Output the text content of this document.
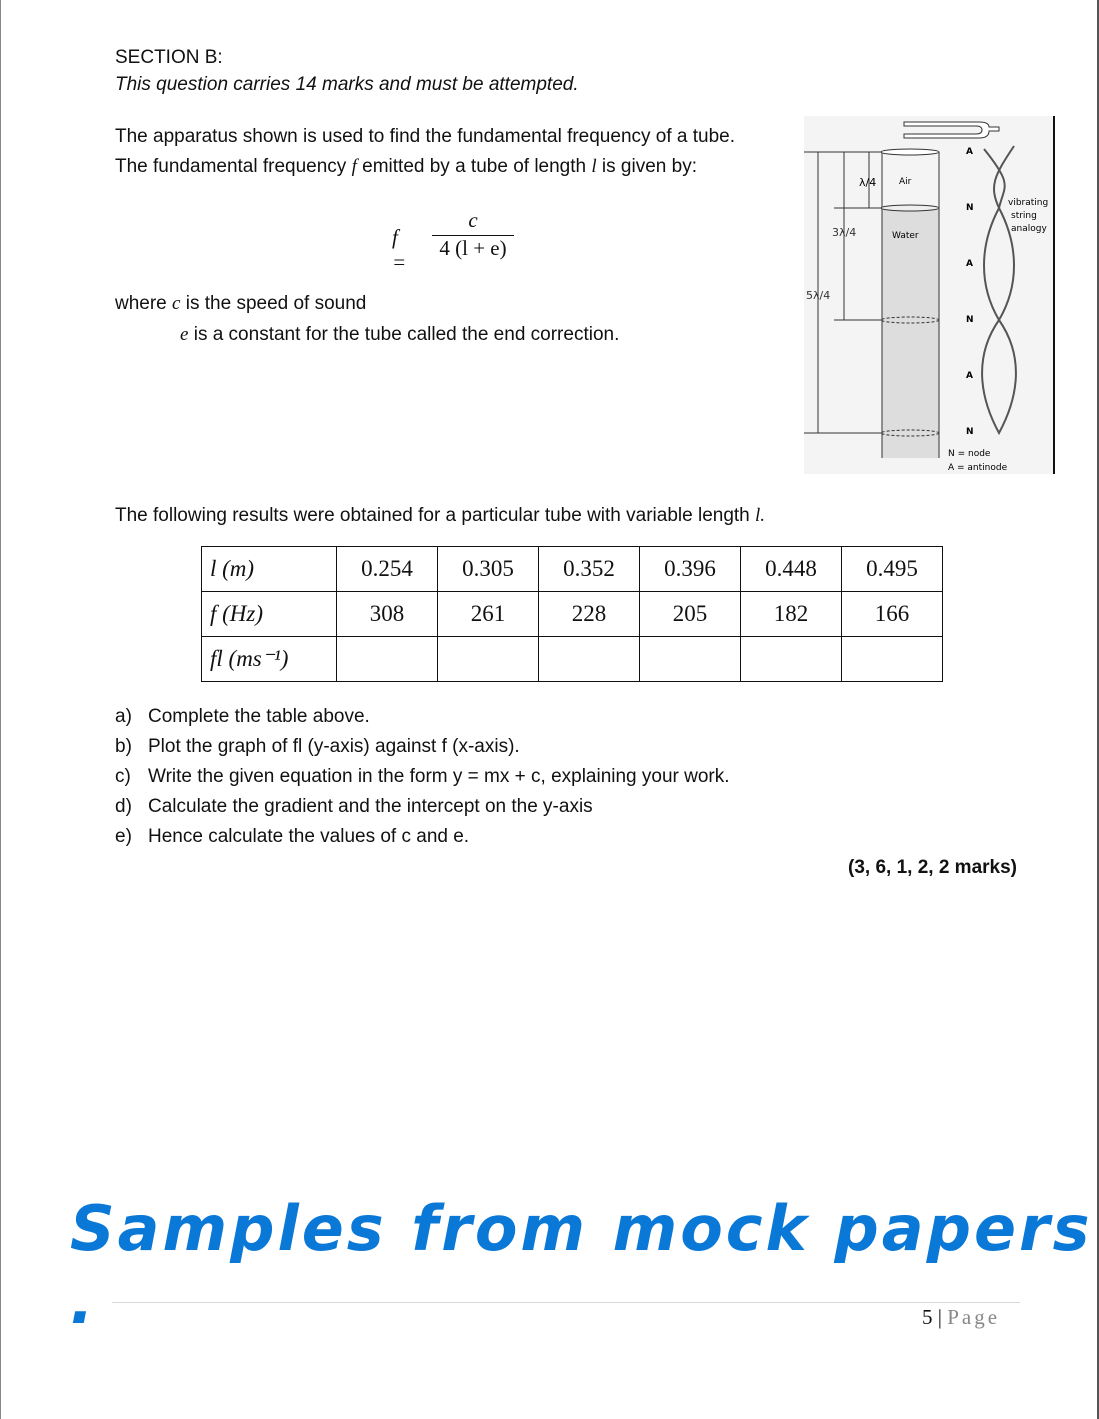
SECTION B:
This question carries 14 marks and must be attempted.
The apparatus shown is used to find the fundamental frequency of a tube.
The fundamental frequency f emitted by a tube of length l is given by:
f =
$\frac{c}{4 (l + e)}$
where c is the speed of sound
e is a constant for the tube called the end correction.
Air
Water
λ/4
3λ/4
5λ/4
A
N
A
N
A
N
vibrating
string
analogy
N = node
A = antinode
The following results were obtained for a particular tube with variable length l.
l (m)	0.254	0.305	0.352	0.396	0.448	0.495
f (Hz)	308	261	228	205	182	166
fl (ms⁻¹)						
a) Complete the table above.
b) Plot the graph of fl (y-axis) against f (x-axis).
c) Write the given equation in the form y = mx + c, explaining your work.
d) Calculate the gradient and the intercept on the y-axis
e) Hence calculate the values of c and e.
(3, 6, 1, 2, 2 marks)
Samples from mock papers .	5 | Page
